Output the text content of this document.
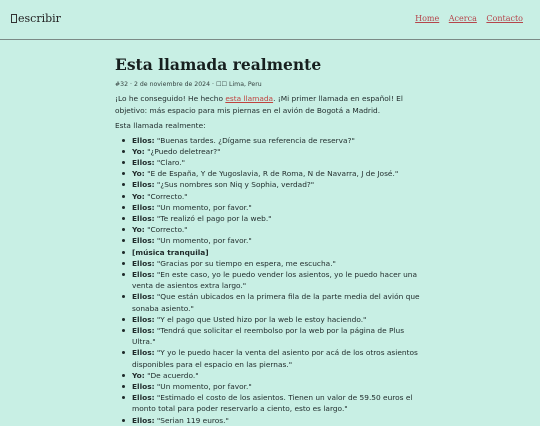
escribir	Home Acerca Contacto
Esta llamada realmente
#32 · 2 de noviembre de 2024 · ☐☐ Lima, Peru

¡Lo he conseguido! He hecho esta llamada. ¡Mi primer llamada en español! El objetivo: más espacio para mis piernas en el avión de Bogotá a Madrid.

Esta llamada realmente:

Ellos: "Buenas tardes. ¿Dígame sua referencia de reserva?"
Yo: "¿Puedo deletrear?"
Ellos: "Claro."
Yo: "E de España, Y de Yugoslavia, R de Roma, N de Navarra, J de José."
Ellos: "¿Sus nombres son Niq y Sophia, verdad?"
Yo: "Correcto."
Ellos: "Un momento, por favor."
Ellos: "Te realizó el pago por la web."
Yo: "Correcto."
Ellos: "Un momento, por favor."
[música tranquila]
Ellos: "Gracias por su tiempo en espera, me escucha."
Ellos: "En este caso, yo le puedo vender los asientos, yo le puedo hacer una venta de asientos extra largo."
Ellos: "Que están ubicados en la primera fila de la parte media del avión que sonaba asiento."
Ellos: "Y el pago que Usted hizo por la web le estoy haciendo."
Ellos: "Tendrá que solicitar el reembolso por la web por la página de Plus Ultra."
Ellos: "Y yo le puedo hacer la venta del asiento por acá de los otros asientos disponibles para el espacio en las piernas."
Yo: "De acuerdo."
Ellos: "Un momento, por favor."
Ellos: "Estimado el costo de los asientos. Tienen un valor de 59.50 euros el monto total para poder reservarlo a ciento, esto es largo."
Ellos: "Serian 119 euros."
